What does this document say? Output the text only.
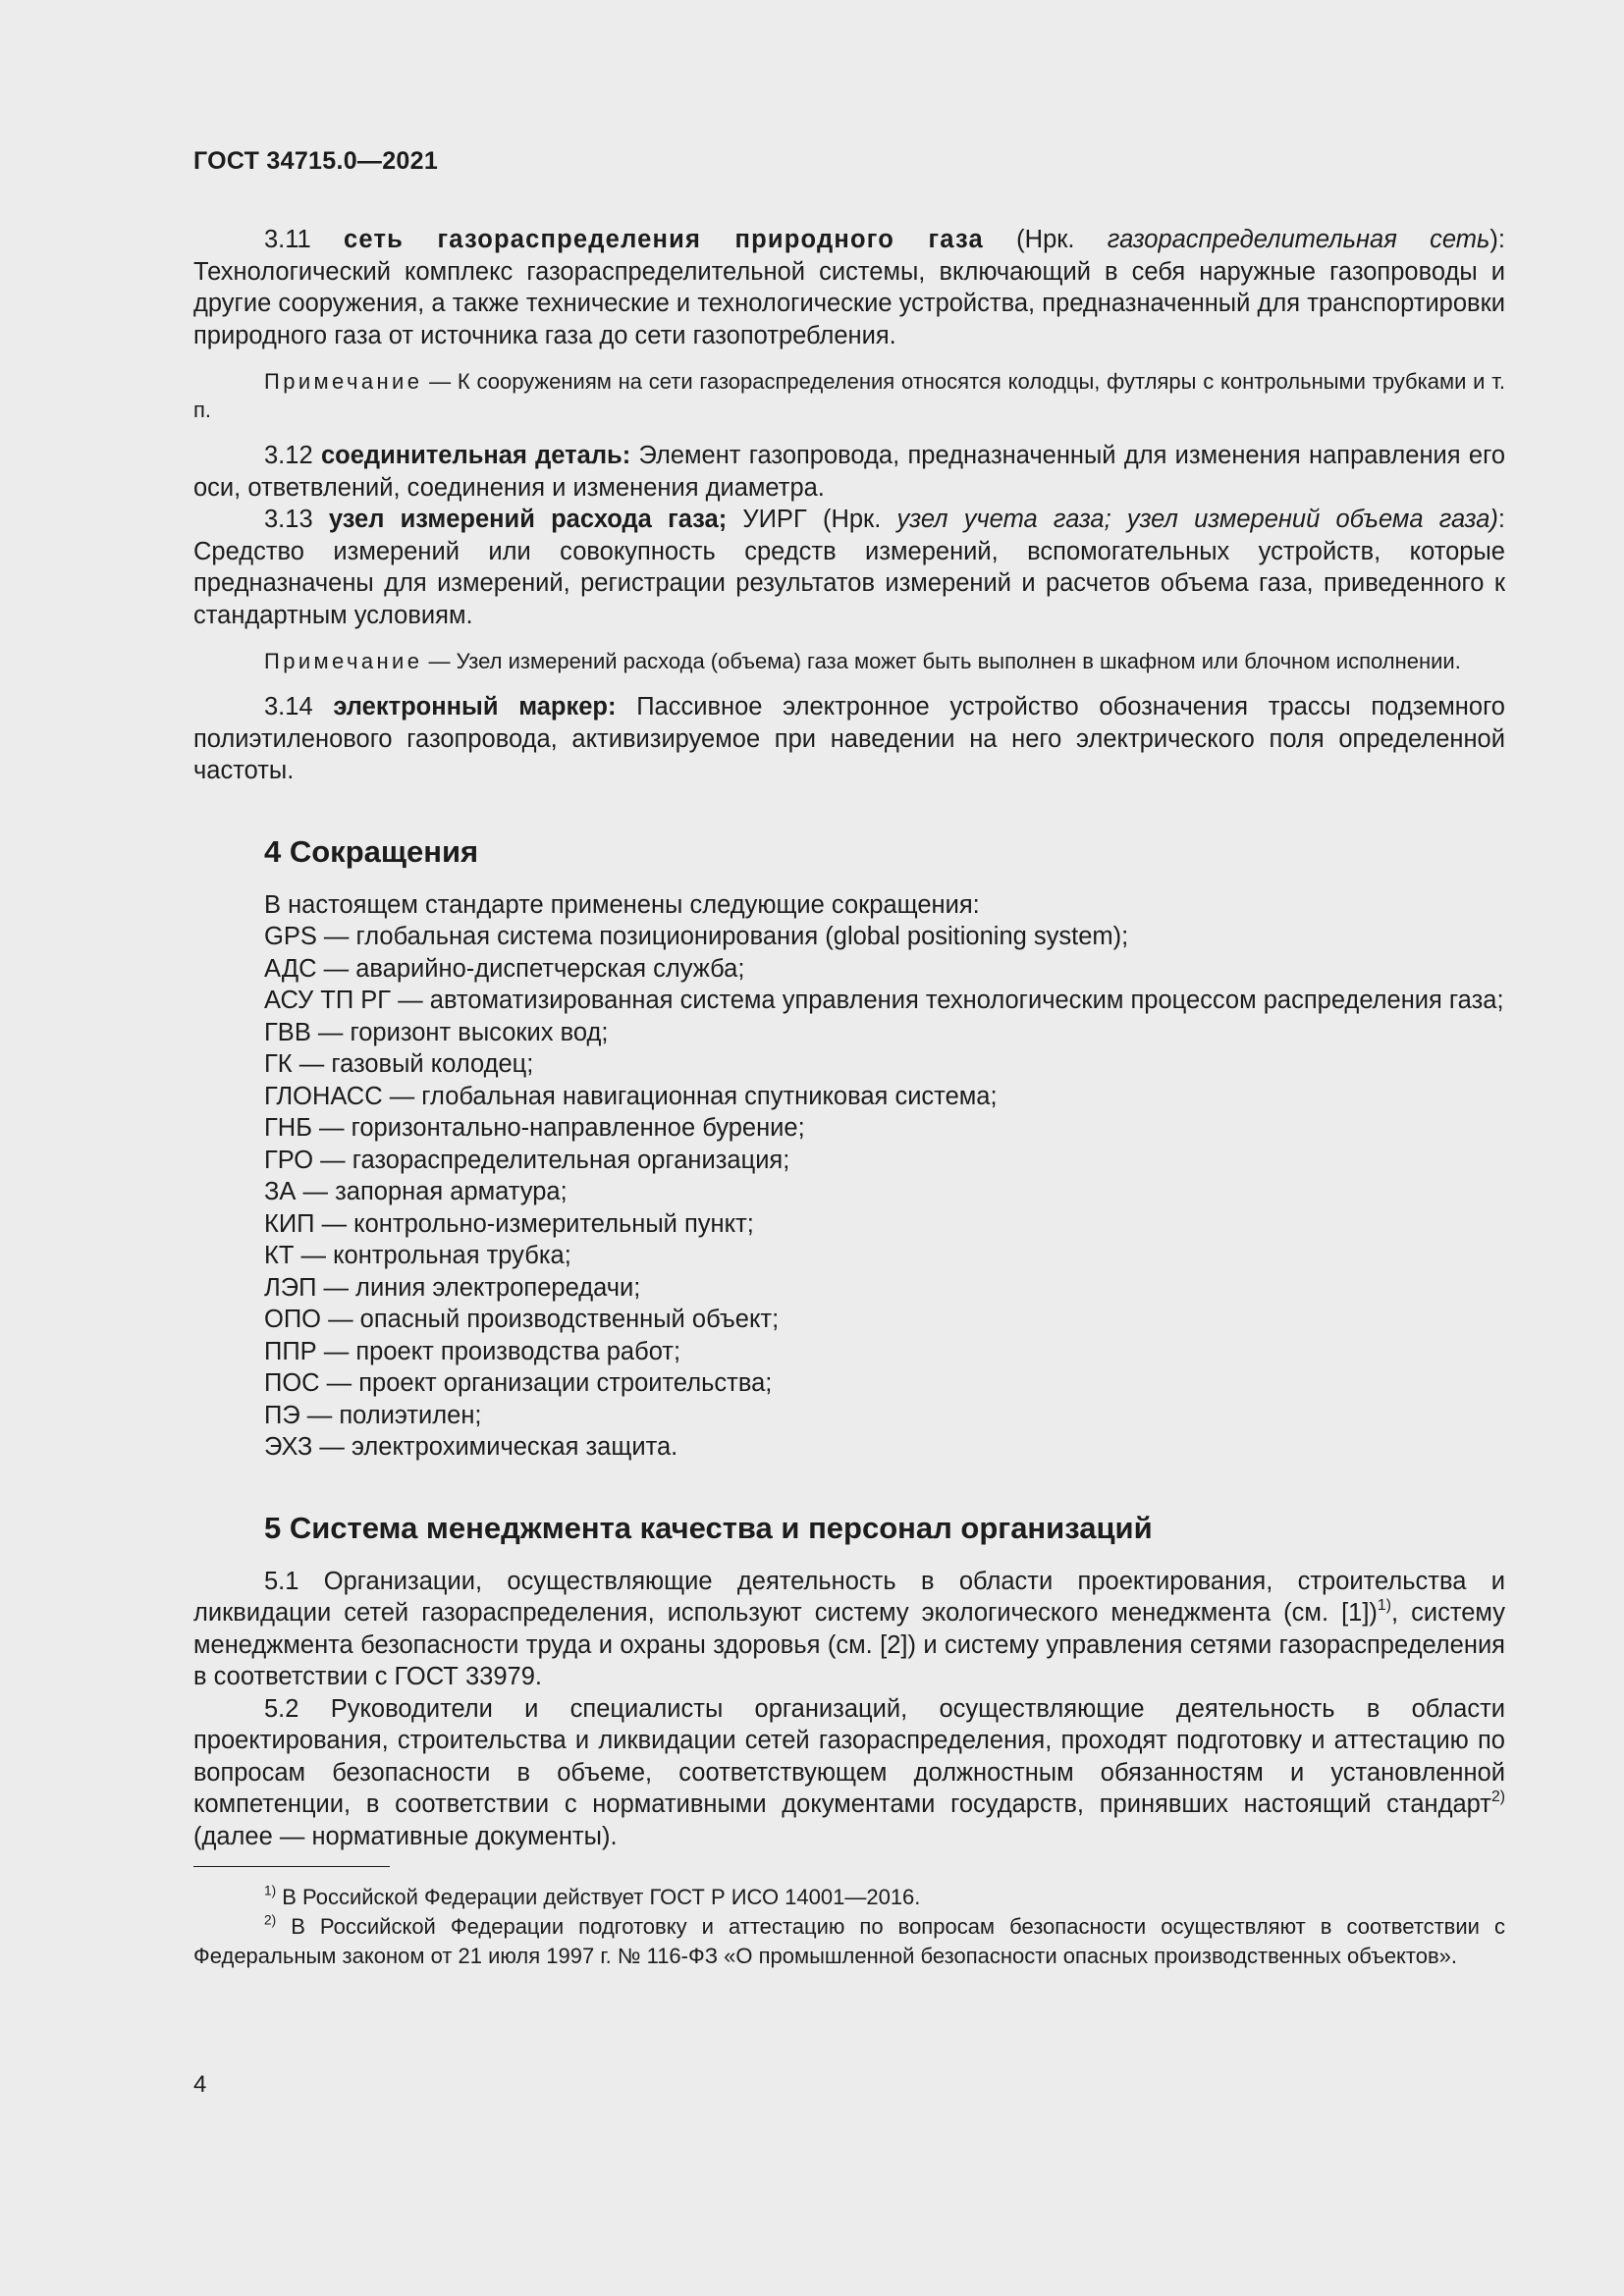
ГОСТ 34715.0—2021

3.11 сеть газораспределения природного газа (Нрк. газораспределительная сеть): Технологический комплекс газораспределительной системы, включающий в себя наружные газопроводы и другие сооружения, а также технические и технологические устройства, предназначенный для транспортировки природного газа от источника газа до сети газопотребления.

Примечание — К сооружениям на сети газораспределения относятся колодцы, футляры с контрольными трубками и т. п.

3.12 соединительная деталь: Элемент газопровода, предназначенный для изменения направления его оси, ответвлений, соединения и изменения диаметра.

3.13 узел измерений расхода газа; УИРГ (Нрк. узел учета газа; узел измерений объема газа): Средство измерений или совокупность средств измерений, вспомогательных устройств, которые предназначены для измерений, регистрации результатов измерений и расчетов объема газа, приведенного к стандартным условиям.

Примечание — Узел измерений расхода (объема) газа может быть выполнен в шкафном или блочном исполнении.

3.14 электронный маркер: Пассивное электронное устройство обозначения трассы подземного полиэтиленового газопровода, активизируемое при наведении на него электрического поля определенной частоты.

4 Сокращения

В настоящем стандарте применены следующие сокращения:

GPS — глобальная система позиционирования (global positioning system);

АДС — аварийно-диспетчерская служба;

АСУ ТП РГ — автоматизированная система управления технологическим процессом распределения газа;

ГВВ — горизонт высоких вод;

ГК — газовый колодец;

ГЛОНАСС — глобальная навигационная спутниковая система;

ГНБ — горизонтально-направленное бурение;

ГРО — газораспределительная организация;

ЗА — запорная арматура;

КИП — контрольно-измерительный пункт;

КТ — контрольная трубка;

ЛЭП — линия электропередачи;

ОПО — опасный производственный объект;

ППР — проект производства работ;

ПОС — проект организации строительства;

ПЭ — полиэтилен;

ЭХЗ — электрохимическая защита.

5 Система менеджмента качества и персонал организаций

5.1 Организации, осуществляющие деятельность в области проектирования, строительства и ликвидации сетей газораспределения, используют систему экологического менеджмента (см. [1])$^{1)}$, систему менеджмента безопасности труда и охраны здоровья (см. [2]) и систему управления сетями газораспределения в соответствии с ГОСТ 33979.

5.2 Руководители и специалисты организаций, осуществляющие деятельность в области проектирования, строительства и ликвидации сетей газораспределения, проходят подготовку и аттестацию по вопросам безопасности в объеме, соответствующем должностным обязанностям и установленной компетенции, в соответствии с нормативными документами государств, принявших настоящий стандарт$^{2)}$ (далее — нормативные документы).

$^{1)}$ В Российской Федерации действует ГОСТ Р ИСО 14001—2016.

$^{2)}$ В Российской Федерации подготовку и аттестацию по вопросам безопасности осуществляют в соответствии с Федеральным законом от 21 июля 1997 г. № 116-ФЗ «О промышленной безопасности опасных производственных объектов».

4
